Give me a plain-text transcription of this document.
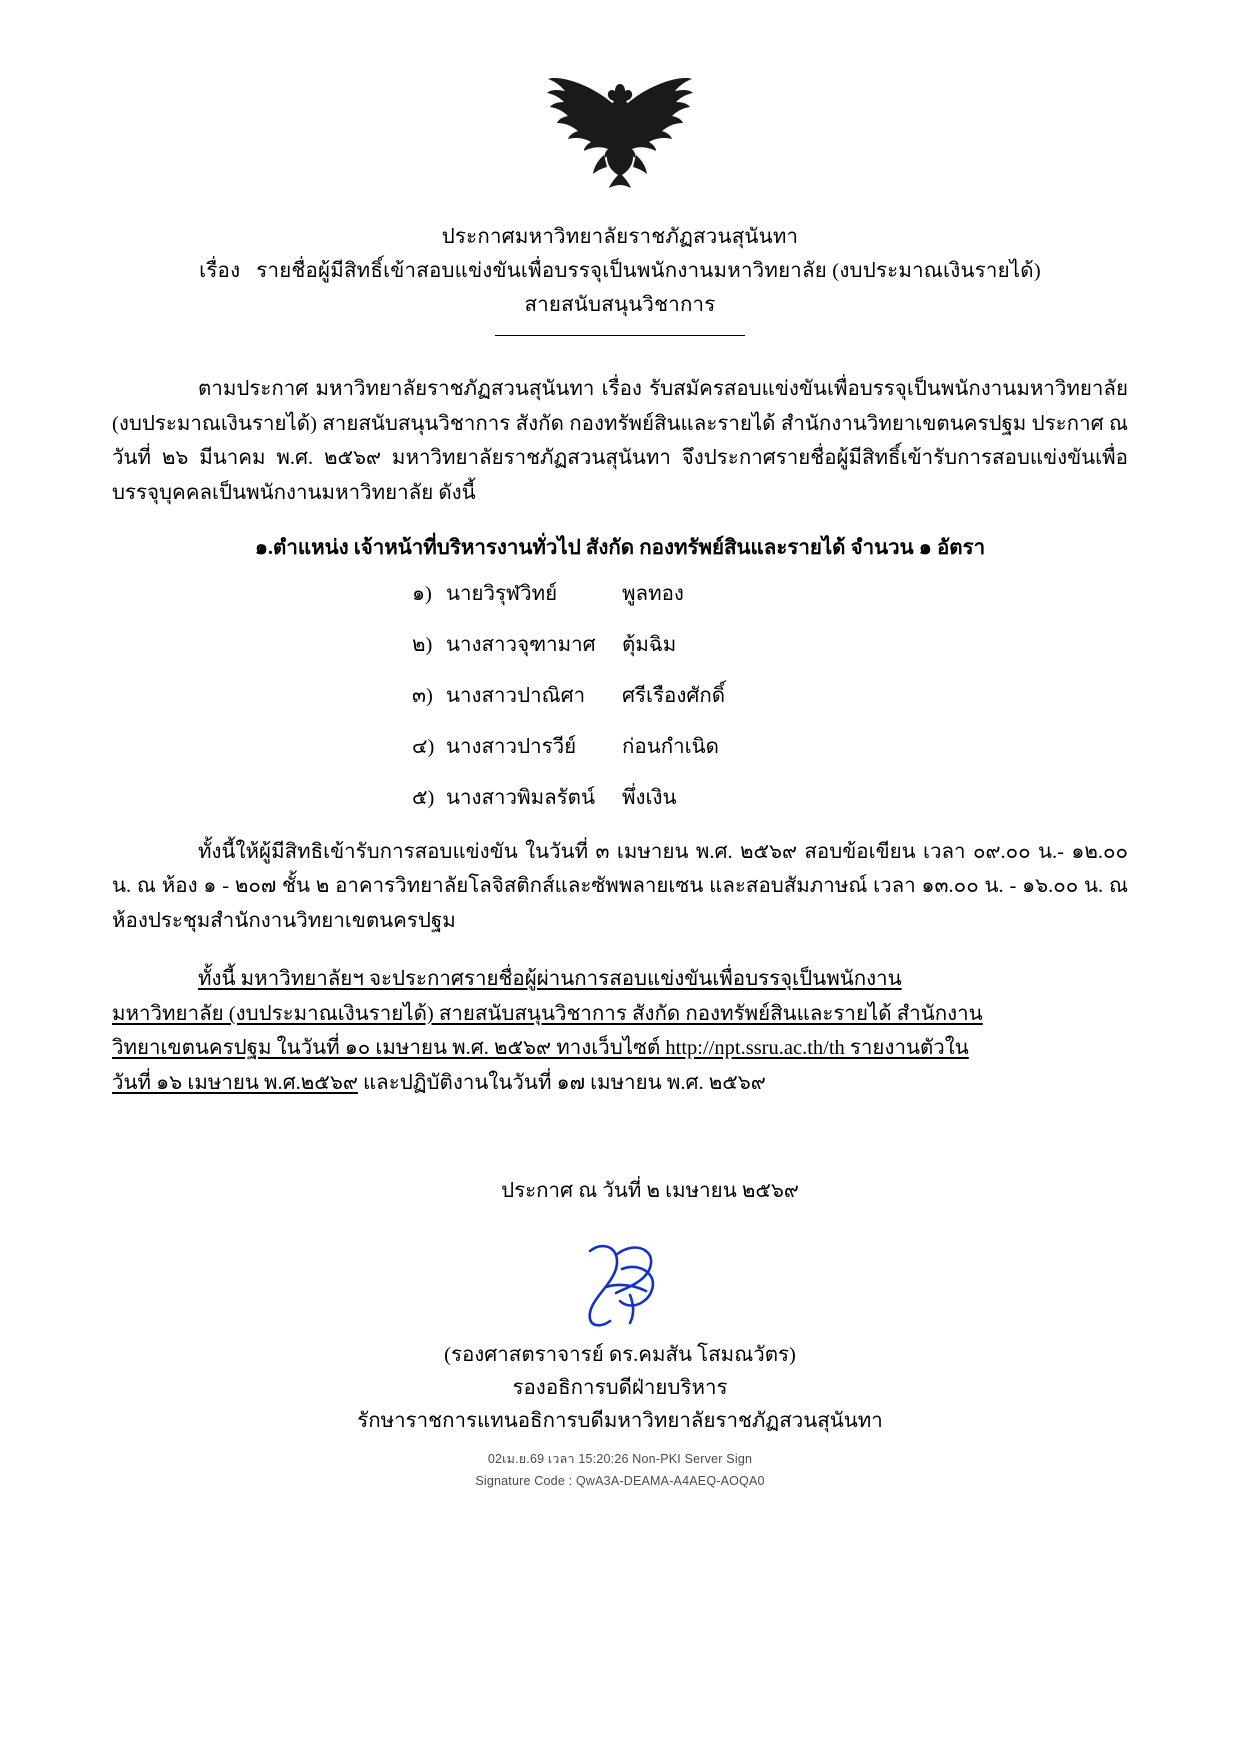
ประกาศมหาวิทยาลัยราชภัฏสวนสุนันทา
เรื่อง รายชื่อผู้มีสิทธิ์เข้าสอบแข่งขันเพื่อบรรจุเป็นพนักงานมหาวิทยาลัย (งบประมาณเงินรายได้)
สายสนับสนุนวิชาการ

ตามประกาศ มหาวิทยาลัยราชภัฏสวนสุนันทา เรื่อง รับสมัครสอบแข่งขันเพื่อบรรจุเป็นพนักงานมหาวิทยาลัย (งบประมาณเงินรายได้) สายสนับสนุนวิชาการ สังกัด กองทรัพย์สินและรายได้ สำนักงานวิทยาเขตนครปฐม ประกาศ ณ วันที่ ๒๖ มีนาคม พ.ศ. ๒๕๖๙ มหาวิทยาลัยราชภัฏสวนสุนันทา จึงประกาศรายชื่อผู้มีสิทธิ์เข้ารับการสอบแข่งขันเพื่อบรรจุบุคคลเป็นพนักงานมหาวิทยาลัย ดังนี้

๑.ตำแหน่ง เจ้าหน้าที่บริหารงานทั่วไป สังกัด กองทรัพย์สินและรายได้ จำนวน ๑ อัตรา
๑) นายวิรุฬวิทย์	พูลทอง
๒) นางสาวจุฑามาศ	ตุ้มฉิม
๓) นางสาวปาณิศา	ศรีเรืองศักดิ์
๔) นางสาวปารวีย์	ก่อนกำเนิด
๕) นางสาวพิมลรัตน์	พึ่งเงิน

ทั้งนี้ให้ผู้มีสิทธิเข้ารับการสอบแข่งขัน ในวันที่ ๓ เมษายน พ.ศ. ๒๕๖๙ สอบข้อเขียน เวลา ๐๙.๐๐ น.- ๑๒.๐๐ น. ณ ห้อง ๑ - ๒๐๗ ชั้น ๒ อาคารวิทยาลัยโลจิสติกส์และซัพพลายเซน และสอบสัมภาษณ์ เวลา ๑๓.๐๐ น. - ๑๖.๐๐ น. ณ ห้องประชุมสำนักงานวิทยาเขตนครปฐม

ทั้งนี้ มหาวิทยาลัยฯ จะประกาศรายชื่อผู้ผ่านการสอบแข่งขันเพื่อบรรจุเป็นพนักงาน
มหาวิทยาลัย (งบประมาณเงินรายได้) สายสนับสนุนวิชาการ สังกัด กองทรัพย์สินและรายได้ สำนักงาน
วิทยาเขตนครปฐม ในวันที่ ๑๐ เมษายน พ.ศ. ๒๕๖๙ ทางเว็บไซต์ http://npt.ssru.ac.th/th รายงานตัวใน
วันที่ ๑๖ เมษายน พ.ศ.๒๕๖๙ และปฏิบัติงานในวันที่ ๑๗ เมษายน พ.ศ. ๒๕๖๙

ประกาศ ณ วันที่ ๒ เมษายน ๒๕๖๙
(รองศาสตราจารย์ ดร.คมสัน โสมณวัตร)
รองอธิการบดีฝ่ายบริหาร
รักษาราชการแทนอธิการบดีมหาวิทยาลัยราชภัฏสวนสุนันทา
02เม.ย.69 เวลา 15:20:26 Non-PKI Server Sign
Signature Code : QwA3A-DEAMA-A4AEQ-AOQA0
